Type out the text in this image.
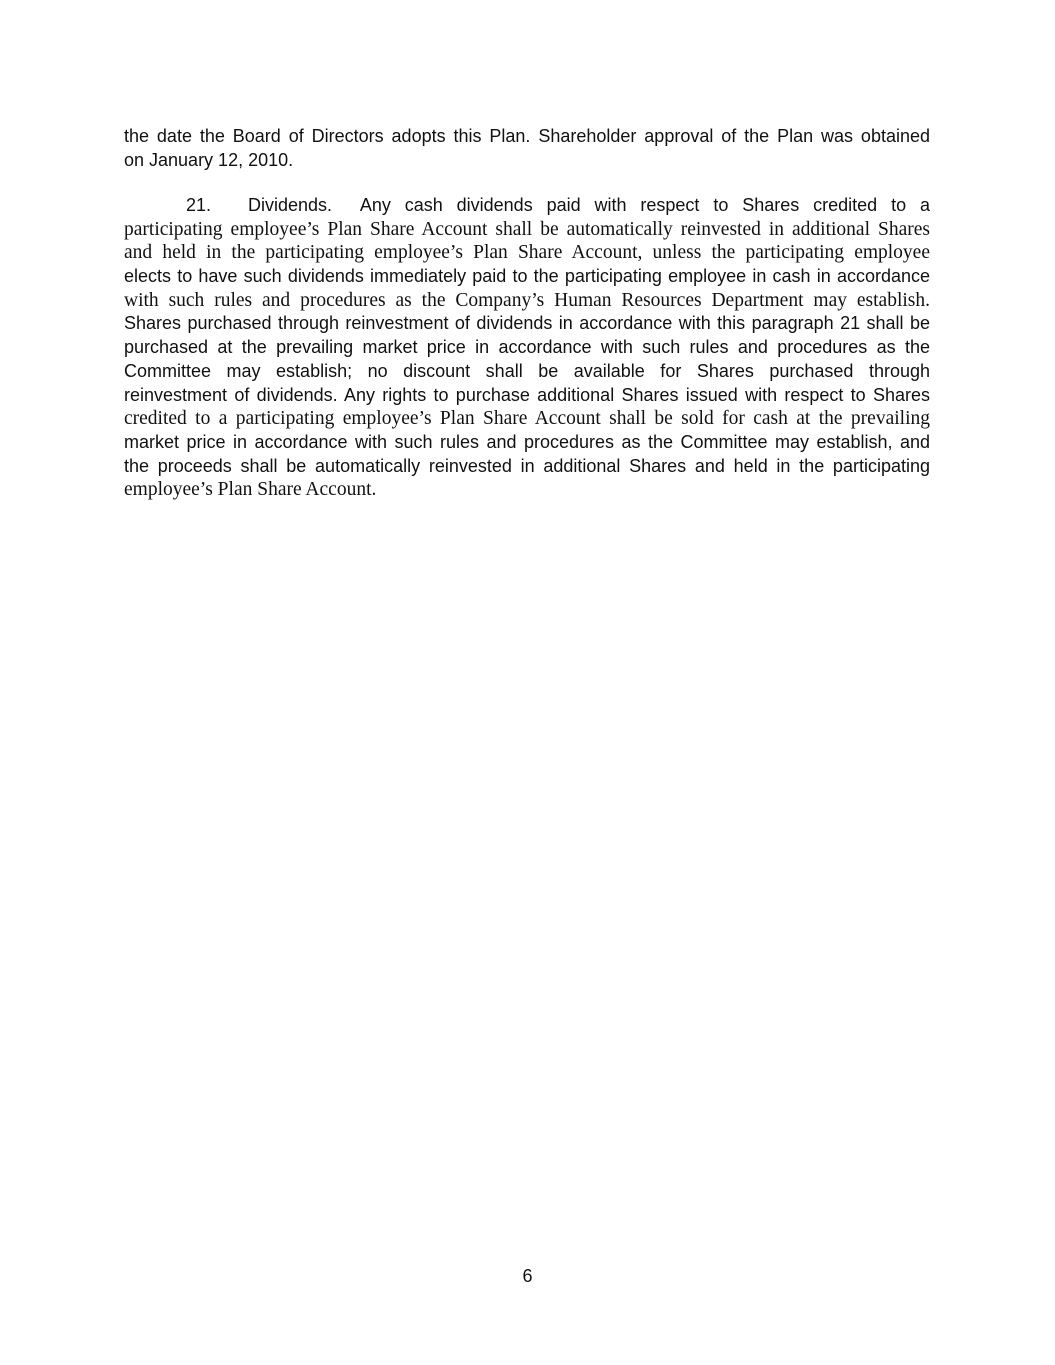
the date the Board of Directors adopts this Plan. Shareholder approval of the Plan was obtained
on January 12, 2010.
21. Dividends. Any cash dividends paid with respect to Shares credited to a
participating employee’s Plan Share Account shall be automatically reinvested in additional Shares
and held in the participating employee’s Plan Share Account, unless the participating employee
elects to have such dividends immediately paid to the participating employee in cash in accordance
with such rules and procedures as the Company’s Human Resources Department may establish.
Shares purchased through reinvestment of dividends in accordance with this paragraph 21 shall be
purchased at the prevailing market price in accordance with such rules and procedures as the
Committee may establish; no discount shall be available for Shares purchased through
reinvestment of dividends. Any rights to purchase additional Shares issued with respect to Shares
credited to a participating employee’s Plan Share Account shall be sold for cash at the prevailing
market price in accordance with such rules and procedures as the Committee may establish, and
the proceeds shall be automatically reinvested in additional Shares and held in the participating
employee’s Plan Share Account.
6
